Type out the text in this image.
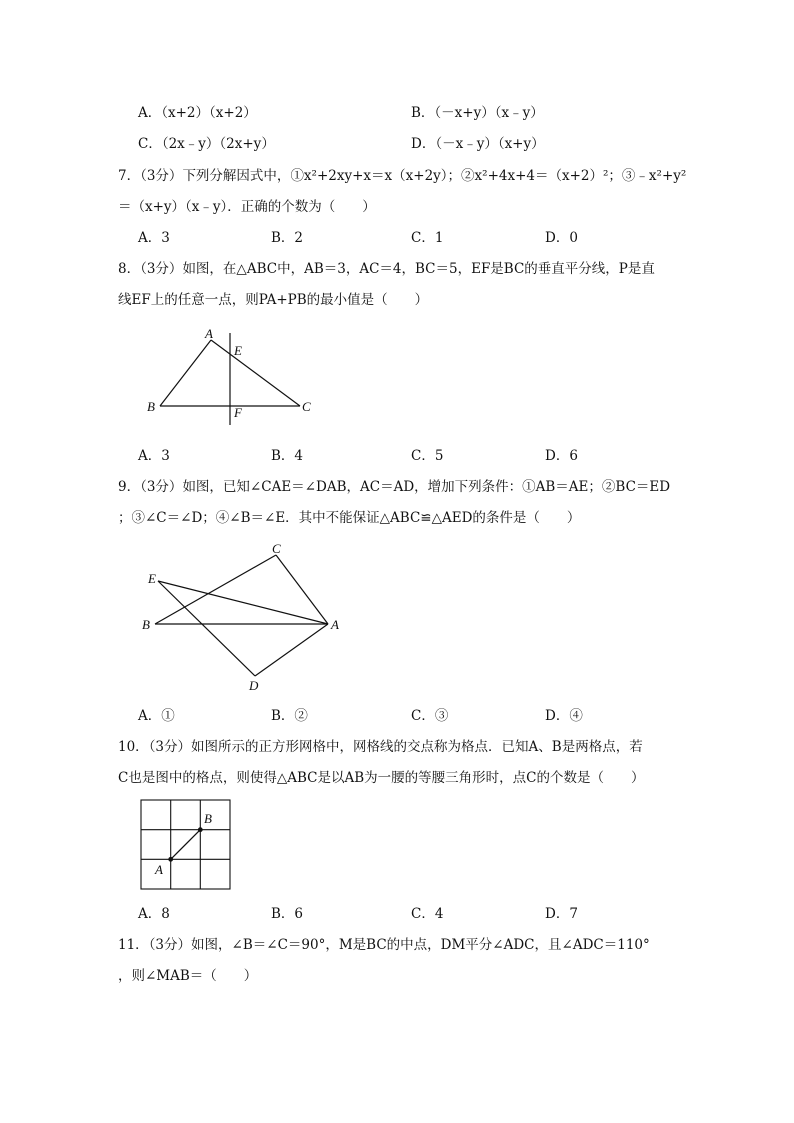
A．（x+2）（x+2）	B．（－x+y）（x﹣y）
C．（2x﹣y）（2x+y）	D．（－x﹣y）（x+y）
7．（3分）下列分解因式中，①x²+2xy+x＝x（x+2y）；②x²+4x+4＝（x+2）²；③﹣x²+y²
＝（x+y）（x﹣y）．正确的个数为（　　）
A．3	B．2	C．1	D．0
8．（3分）如图，在△ABC中，AB＝3，AC＝4，BC＝5，EF是BC的垂直平分线，P是直
线EF上的任意一点，则PA+PB的最小值是（　　）
A
B	C
E
F
A．3	B．4	C．5	D．6
9．（3分）如图，已知∠CAE＝∠DAB，AC＝AD，增加下列条件：①AB＝AE；②BC＝ED
；③∠C＝∠D；④∠B＝∠E．其中不能保证△ABC≌△AED的条件是（　　）
C
E
B	A
D
A．①	B．②	C．③	D．④
10．（3分）如图所示的正方形网格中，网格线的交点称为格点．已知A、B是两格点，若
C也是图中的格点，则使得△ABC是以AB为一腰的等腰三角形时，点C的个数是（　　）
A
B
A．8	B．6	C．4	D．7
11．（3分）如图，∠B＝∠C＝90°，M是BC的中点，DM平分∠ADC，且∠ADC＝110°
，则∠MAB＝（　　）
